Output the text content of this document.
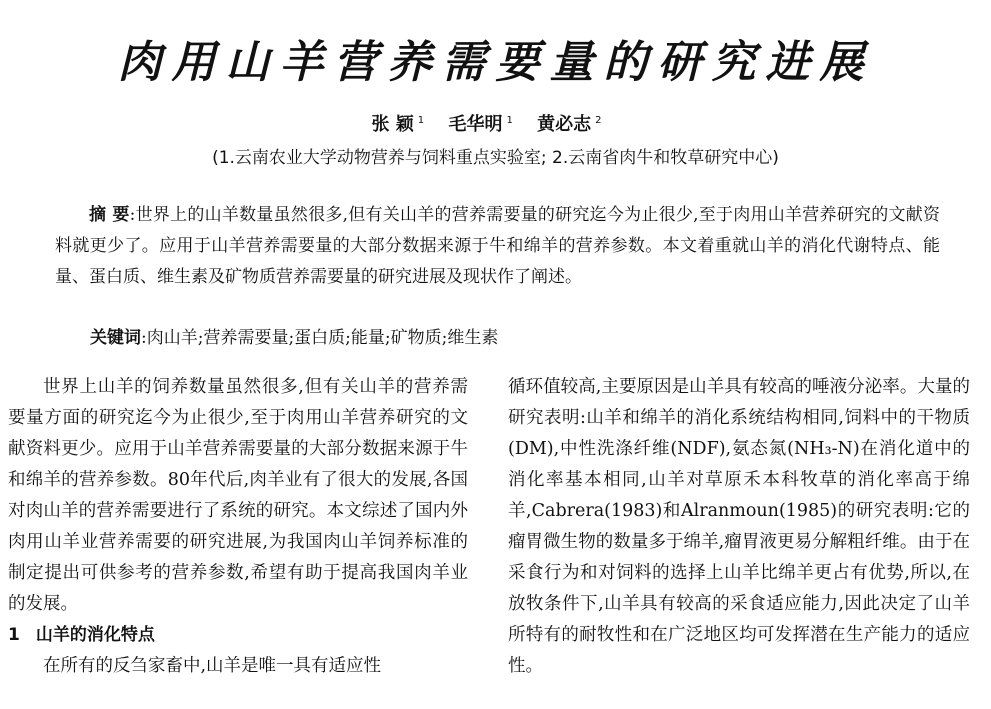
肉用山羊营养需要量的研究进展
张 颖 $^1$ 毛华明 $^1$ 黄必志 $^2$
(1.云南农业大学动物营养与饲料重点实验室; 2.云南省肉牛和牧草研究中心)
摘 要:世界上的山羊数量虽然很多,但有关山羊的营养需要量的研究迄今为止很少,至于肉用山羊营养研究的文献资料就更少了。应用于山羊营养需要量的大部分数据来源于牛和绵羊的营养参数。本文着重就山羊的消化代谢特点、能量、蛋白质、维生素及矿物质营养需要量的研究进展及现状作了阐述。
关键词:肉山羊;营养需要量;蛋白质;能量;矿物质;维生素

世界上山羊的饲养数量虽然很多,但有关山羊的营养需要量方面的研究迄今为止很少,至于肉用山羊营养研究的文献资料更少。应用于山羊营养需要量的大部分数据来源于牛和绵羊的营养参数。80年代后,肉羊业有了很大的发展,各国对肉山羊的营养需要进行了系统的研究。本文综述了国内外肉用山羊业营养需要的研究进展,为我国肉山羊饲养标准的制定提出可供参考的营养参数,希望有助于提高我国肉羊业的发展。

1 山羊的消化特点

在所有的反刍家畜中,山羊是唯一具有适应性

循环值较高,主要原因是山羊具有较高的唾液分泌率。大量的研究表明:山羊和绵羊的消化系统结构相同,饲料中的干物质(DM),中性洗涤纤维(NDF),氨态氮(NH₃-N)在消化道中的消化率基本相同,山羊对草原禾本科牧草的消化率高于绵羊,Cabrera(1983)和Alranmoun(1985)的研究表明:它的瘤胃微生物的数量多于绵羊,瘤胃液更易分解粗纤维。由于在采食行为和对饲料的选择上山羊比绵羊更占有优势,所以,在放牧条件下,山羊具有较高的采食适应能力,因此决定了山羊所特有的耐牧性和在广泛地区均可发挥潜在生产能力的适应性。
